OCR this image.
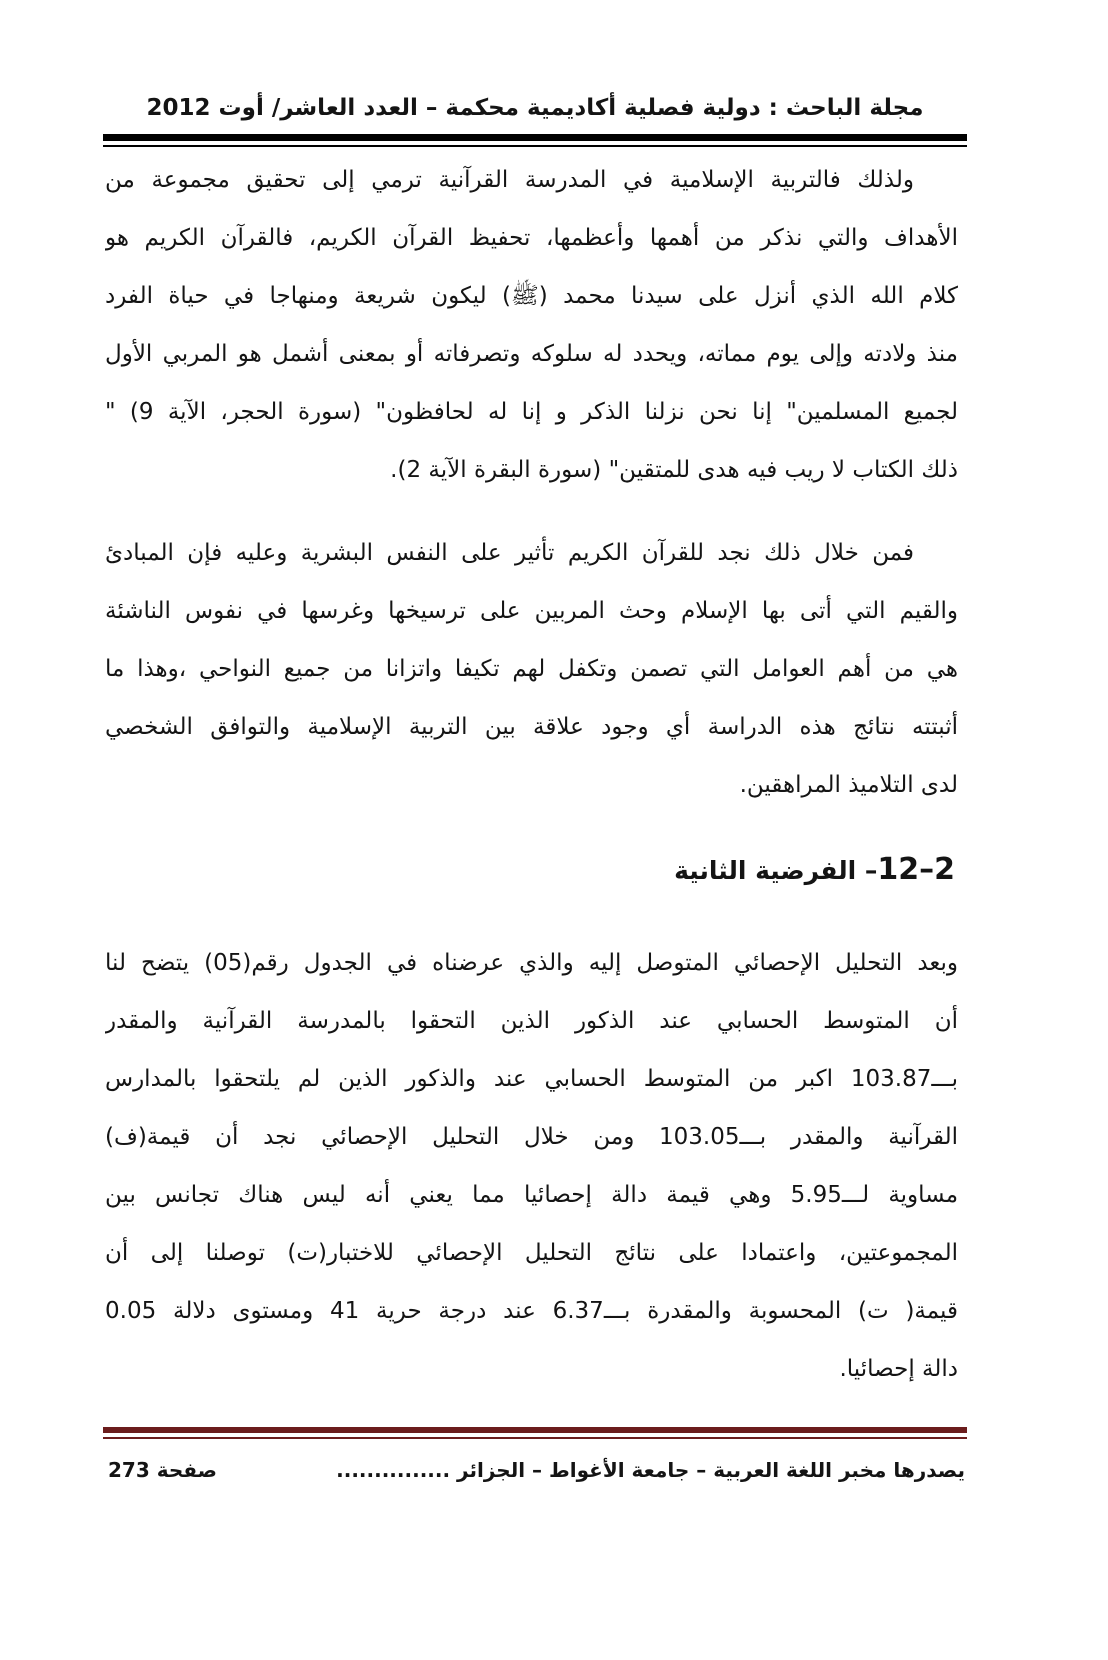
مجلة الباحث : دولية فصلية أكاديمية محكمة – العدد العاشر/ أوت 2012
ولذلك فالتربية الإسلامية في المدرسة القرآنية ترمي إلى تحقيق مجموعة من
الأهداف والتي نذكر من أهمها وأعظمها، تحفيظ القرآن الكريم، فالقرآن الكريم هو
كلام الله الذي أنزل على سيدنا محمد (ﷺ) ليكون شريعة ومنهاجا في حياة الفرد
منذ ولادته وإلى يوم مماته، ويحدد له سلوكه وتصرفاته أو بمعنى أشمل هو المربي الأول
لجميع المسلمين" إنا نحن نزلنا الذكر و إنا له لحافظون" (سورة الحجر، الآية 9) "
ذلك الكتاب لا ريب فيه هدى للمتقين" (سورة البقرة الآية 2).
فمن خلال ذلك نجد للقرآن الكريم تأثير على النفس البشرية وعليه فإن المبادئ
والقيم التي أتى بها الإسلام وحث المربين على ترسيخها وغرسها في نفوس الناشئة
هي من أهم العوامل التي تصمن وتكفل لهم تكيفا واتزانا من جميع النواحي ،وهذا ما
أثبتته نتائج هذه الدراسة أي وجود علاقة بين التربية الإسلامية والتوافق الشخصي
لدى التلاميذ المراهقين.
12–2– الفرضية الثانية
وبعد التحليل الإحصائي المتوصل إليه والذي عرضناه في الجدول رقم(05) يتضح لنا
أن المتوسط الحسابي عند الذكور الذين التحقوا بالمدرسة القرآنية والمقدر
بـــ103.87 اكبر من المتوسط الحسابي عند والذكور الذين لم يلتحقوا بالمدارس
القرآنية والمقدر بـــ103.05 ومن خلال التحليل الإحصائي نجد أن قيمة(ف)
مساوية لـــ5.95 وهي قيمة دالة إحصائيا مما يعني أنه ليس هناك تجانس بين
المجموعتين، واعتمادا على نتائج التحليل الإحصائي للاختبار(ت) توصلنا إلى أن
قيمة( ت) المحسوبة والمقدرة بـــ6.37 عند درجة حرية 41 ومستوى دلالة 0.05
دالة إحصائيا.
يصدرها مخبر اللغة العربية – جامعة الأغواط – الجزائر ...............
صفحة 273
